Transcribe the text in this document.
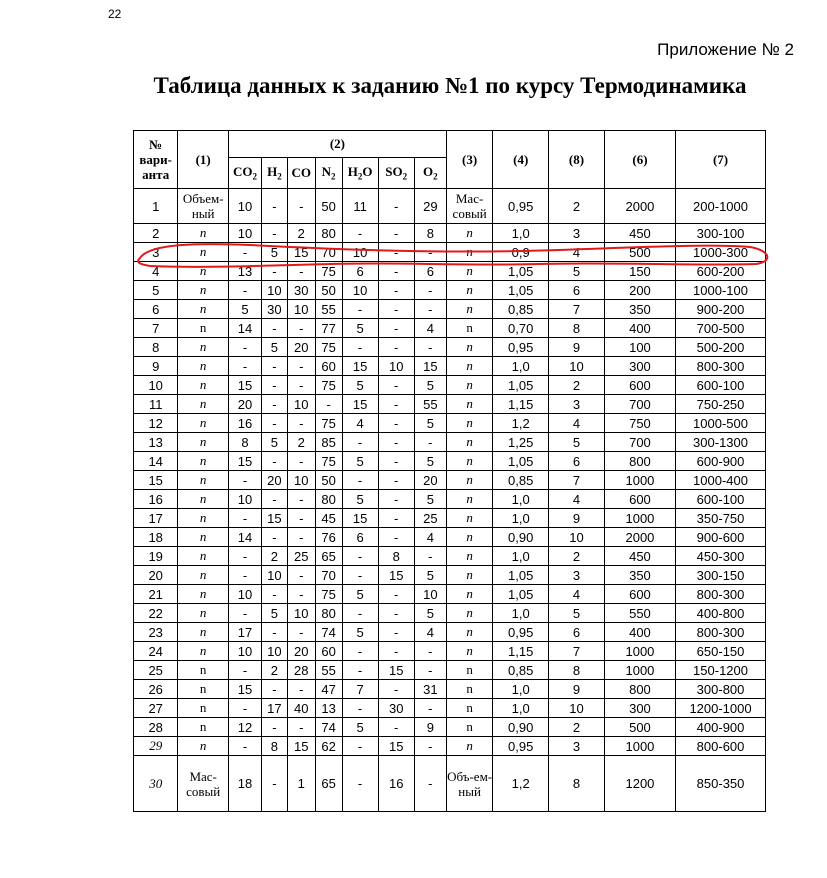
22
Приложение № 2
Таблица данных к заданию №1 по курсу Термодинамика
№ вари-анта	(1)	(2)							(3)	(4)	(8)	(6)	(7)
		$CO_2$	$H_2$	CO	$N_2$	$H_2O$	$SO_2$	$O_2$
1	Объем-ный	10	-	-	50	11	-	29	Мас-совый	0,95	2	2000	200-1000
2	п	10	-	2	80	-	-	8	п	1,0	3	450	300-100
3	п	-	5	15	70	10	-	-	п	0,9	4	500	1000-300
4	п	13	-	-	75	6	-	6	п	1,05	5	150	600-200
5	п	-	10	30	50	10	-	-	п	1,05	6	200	1000-100
6	п	5	30	10	55	-	-	-	п	0,85	7	350	900-200
7	n	14	-	-	77	5	-	4	n	0,70	8	400	700-500
8	п	-	5	20	75	-	-	-	п	0,95	9	100	500-200
9	п	-	-	-	60	15	10	15	п	1,0	10	300	800-300
10	п	15	-	-	75	5	-	5	п	1,05	2	600	600-100
11	п	20	-	10	-	15	-	55	п	1,15	3	700	750-250
12	п	16	-	-	75	4	-	5	п	1,2	4	750	1000-500
13	п	8	5	2	85	-	-	-	п	1,25	5	700	300-1300
14	п	15	-	-	75	5	-	5	п	1,05	6	800	600-900
15	п	-	20	10	50	-	-	20	п	0,85	7	1000	1000-400
16	п	10	-	-	80	5	-	5	п	1,0	4	600	600-100
17	п	-	15	-	45	15	-	25	п	1,0	9	1000	350-750
18	п	14	-	-	76	6	-	4	п	0,90	10	2000	900-600
19	п	-	2	25	65	-	8	-	п	1,0	2	450	450-300
20	п	-	10	-	70	-	15	5	п	1,05	3	350	300-150
21	п	10	-	-	75	5	-	10	п	1,05	4	600	800-300
22	п	-	5	10	80	-	-	5	п	1,0	5	550	400-800
23	п	17	-	-	74	5	-	4	п	0,95	6	400	800-300
24	п	10	10	20	60	-	-	-	п	1,15	7	1000	650-150
25	n	-	2	28	55	-	15	-	n	0,85	8	1000	150-1200
26	n	15	-	-	47	7	-	31	n	1,0	9	800	300-800
27	n	-	17	40	13	-	30	-	n	1,0	10	300	1200-1000
28	n	12	-	-	74	5	-	9	n	0,90	2	500	400-900
29	п	-	8	15	62	-	15	-	п	0,95	3	1000	800-600
30	Мас-совый	18	-	1	65	-	16	-	Объ-ем-ный	1,2	8	1200	850-350
